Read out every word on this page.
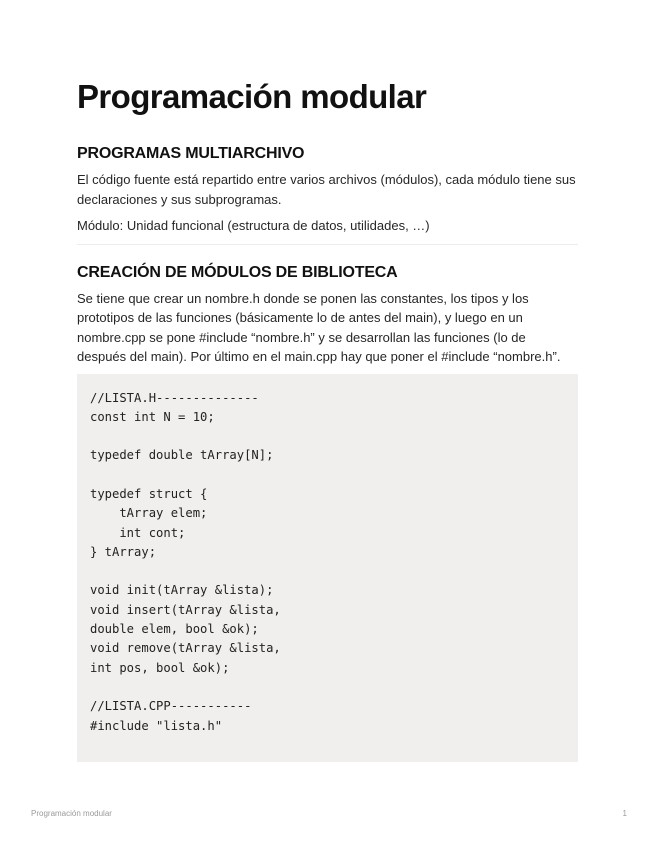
Programación modular
PROGRAMAS MULTIARCHIVO

El código fuente está repartido entre varios archivos (módulos), cada módulo tiene sus declaraciones y sus subprogramas.

Módulo: Unidad funcional (estructura de datos, utilidades, …)

CREACIÓN DE MÓDULOS DE BIBLIOTECA

Se tiene que crear un nombre.h donde se ponen las constantes, los tipos y los prototipos de las funciones (básicamente lo de antes del main), y luego en un nombre.cpp se pone #include “nombre.h” y se desarrollan las funciones (lo de después del main). Por último en el main.cpp hay que poner el #include “nombre.h”.

//LISTA.H--------------
const int N = 10;
typedef double tArray[N];
typedef struct {
tArray elem;
int cont;
} tArray;
void init(tArray &lista);
void insert(tArray &lista,
double elem, bool &ok);
void remove(tArray &lista,
int pos, bool &ok);
//LISTA.CPP-----------
#include "lista.h"
Programación modular	1
